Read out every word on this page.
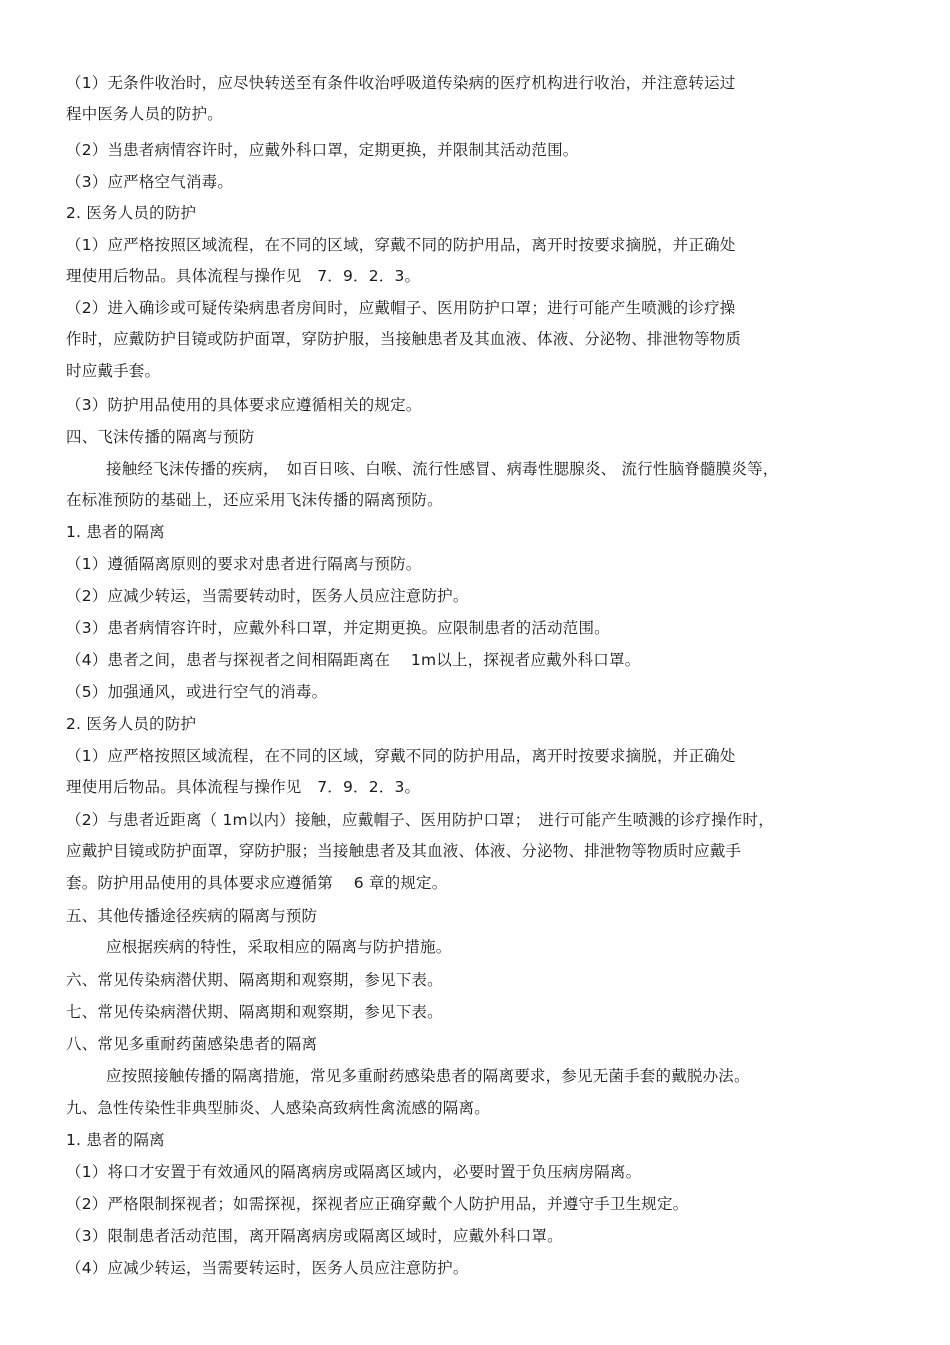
（1）无条件收治时，应尽快转送至有条件收治呼吸道传染病的医疗机构进行收治，并注意转运过
程中医务人员的防护。
（2）当患者病情容许时，应戴外科口罩，定期更换，并限制其活动范围。
（3）应严格空气消毒。
2. 医务人员的防护
（1）应严格按照区域流程，在不同的区域，穿戴不同的防护用品，离开时按要求摘脱，并正确处
理使用后物品。具体流程与操作见　7．9．2．3。
（2）进入确诊或可疑传染病患者房间时，应戴帽子、医用防护口罩；进行可能产生喷溅的诊疗操
作时，应戴防护目镜或防护面罩，穿防护服，当接触患者及其血液、体液、分泌物、排泄物等物质
时应戴手套。
（3）防护用品使用的具体要求应遵循相关的规定。
四、飞沫传播的隔离与预防
接触经飞沫传播的疾病，　如百日咳、白喉、流行性感冒、病毒性腮腺炎、 流行性脑脊髓膜炎等，
在标准预防的基础上，还应采用飞沫传播的隔离预防。
1. 患者的隔离
（1）遵循隔离原则的要求对患者进行隔离与预防。
（2）应减少转运，当需要转动时，医务人员应注意防护。
（3）患者病情容许时，应戴外科口罩，并定期更换。应限制患者的活动范围。
（4）患者之间，患者与探视者之间相隔距离在　 1m以上，探视者应戴外科口罩。
（5）加强通风，或进行空气的消毒。
2. 医务人员的防护
（1）应严格按照区域流程，在不同的区域，穿戴不同的防护用品，离开时按要求摘脱，并正确处
理使用后物品。具体流程与操作见　7．9．2．3。
（2）与患者近距离（ 1m以内）接触，应戴帽子、医用防护口罩；　进行可能产生喷溅的诊疗操作时，
应戴护目镜或防护面罩，穿防护服；当接触患者及其血液、体液、分泌物、排泄物等物质时应戴手
套。防护用品使用的具体要求应遵循第　 6 章的规定。
五、其他传播途径疾病的隔离与预防
应根据疾病的特性，采取相应的隔离与防护措施。
六、常见传染病潜伏期、隔离期和观察期，参见下表。
七、常见传染病潜伏期、隔离期和观察期，参见下表。
八、常见多重耐药菌感染患者的隔离
应按照接触传播的隔离措施，常见多重耐药感染患者的隔离要求，参见无菌手套的戴脱办法。
九、急性传染性非典型肺炎、人感染高致病性禽流感的隔离。
1. 患者的隔离
（1）将口才安置于有效通风的隔离病房或隔离区域内，必要时置于负压病房隔离。
（2）严格限制探视者；如需探视，探视者应正确穿戴个人防护用品，并遵守手卫生规定。
（3）限制患者活动范围，离开隔离病房或隔离区域时，应戴外科口罩。
（4）应减少转运，当需要转运时，医务人员应注意防护。
